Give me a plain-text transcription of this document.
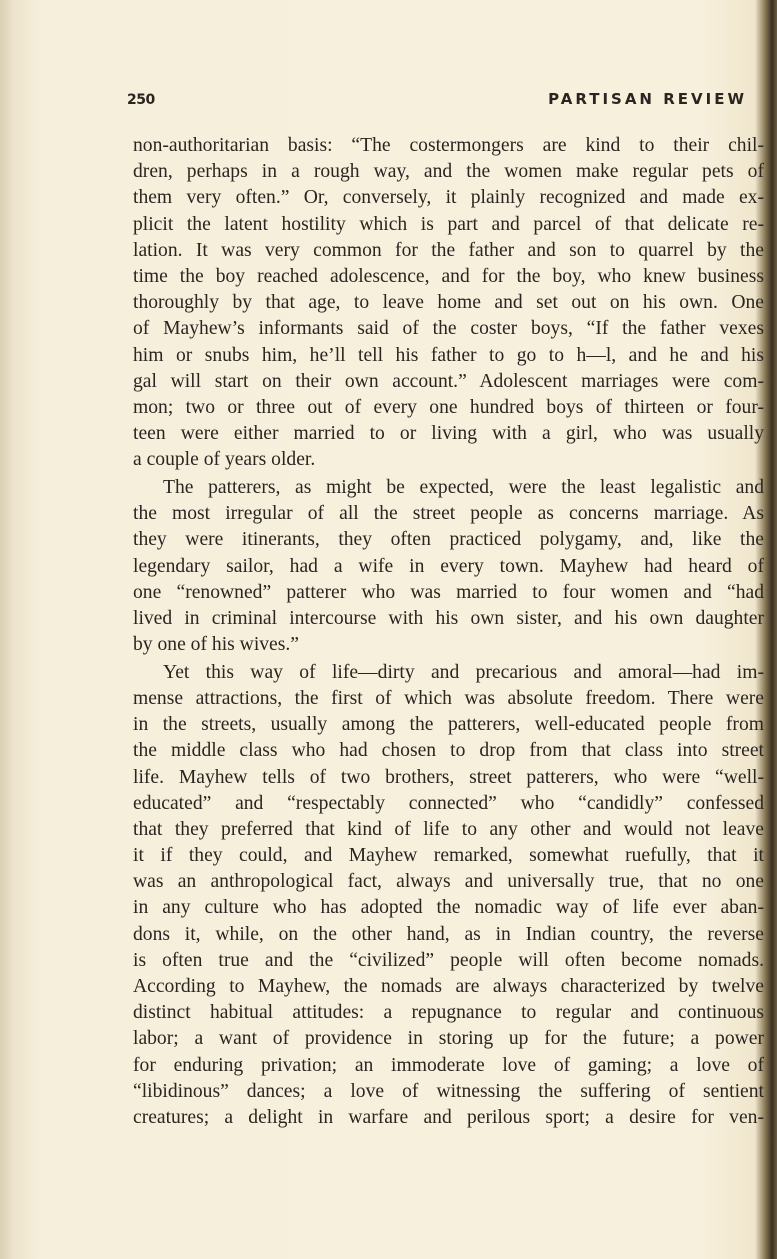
250	PARTISAN REVIEW
non-authoritarian basis: “The costermongers are kind to their chil-
dren, perhaps in a rough way, and the women make regular pets of
them very often.” Or, conversely, it plainly recognized and made ex-
plicit the latent hostility which is part and parcel of that delicate re-
lation. It was very common for the father and son to quarrel by the
time the boy reached adolescence, and for the boy, who knew business
thoroughly by that age, to leave home and set out on his own. One
of Mayhew’s informants said of the coster boys, “If the father vexes
him or snubs him, he’ll tell his father to go to h—l, and he and his
gal will start on their own account.” Adolescent marriages were com-
mon; two or three out of every one hundred boys of thirteen or four-
teen were either married to or living with a girl, who was usually
a couple of years older.
The patterers, as might be expected, were the least legalistic and
the most irregular of all the street people as concerns marriage. As
they were itinerants, they often practiced polygamy, and, like the
legendary sailor, had a wife in every town. Mayhew had heard of
one “renowned” patterer who was married to four women and “had
lived in criminal intercourse with his own sister, and his own daughter
by one of his wives.”
Yet this way of life—dirty and precarious and amoral—had im-
mense attractions, the first of which was absolute freedom. There were
in the streets, usually among the patterers, well-educated people from
the middle class who had chosen to drop from that class into street
life. Mayhew tells of two brothers, street patterers, who were “well-
educated” and “respectably connected” who “candidly” confessed
that they preferred that kind of life to any other and would not leave
it if they could, and Mayhew remarked, somewhat ruefully, that it
was an anthropological fact, always and universally true, that no one
in any culture who has adopted the nomadic way of life ever aban-
dons it, while, on the other hand, as in Indian country, the reverse
is often true and the “civilized” people will often become nomads.
According to Mayhew, the nomads are always characterized by twelve
distinct habitual attitudes: a repugnance to regular and continuous
labor; a want of providence in storing up for the future; a power
for enduring privation; an immoderate love of gaming; a love of
“libidinous” dances; a love of witnessing the suffering of sentient
creatures; a delight in warfare and perilous sport; a desire for ven-
